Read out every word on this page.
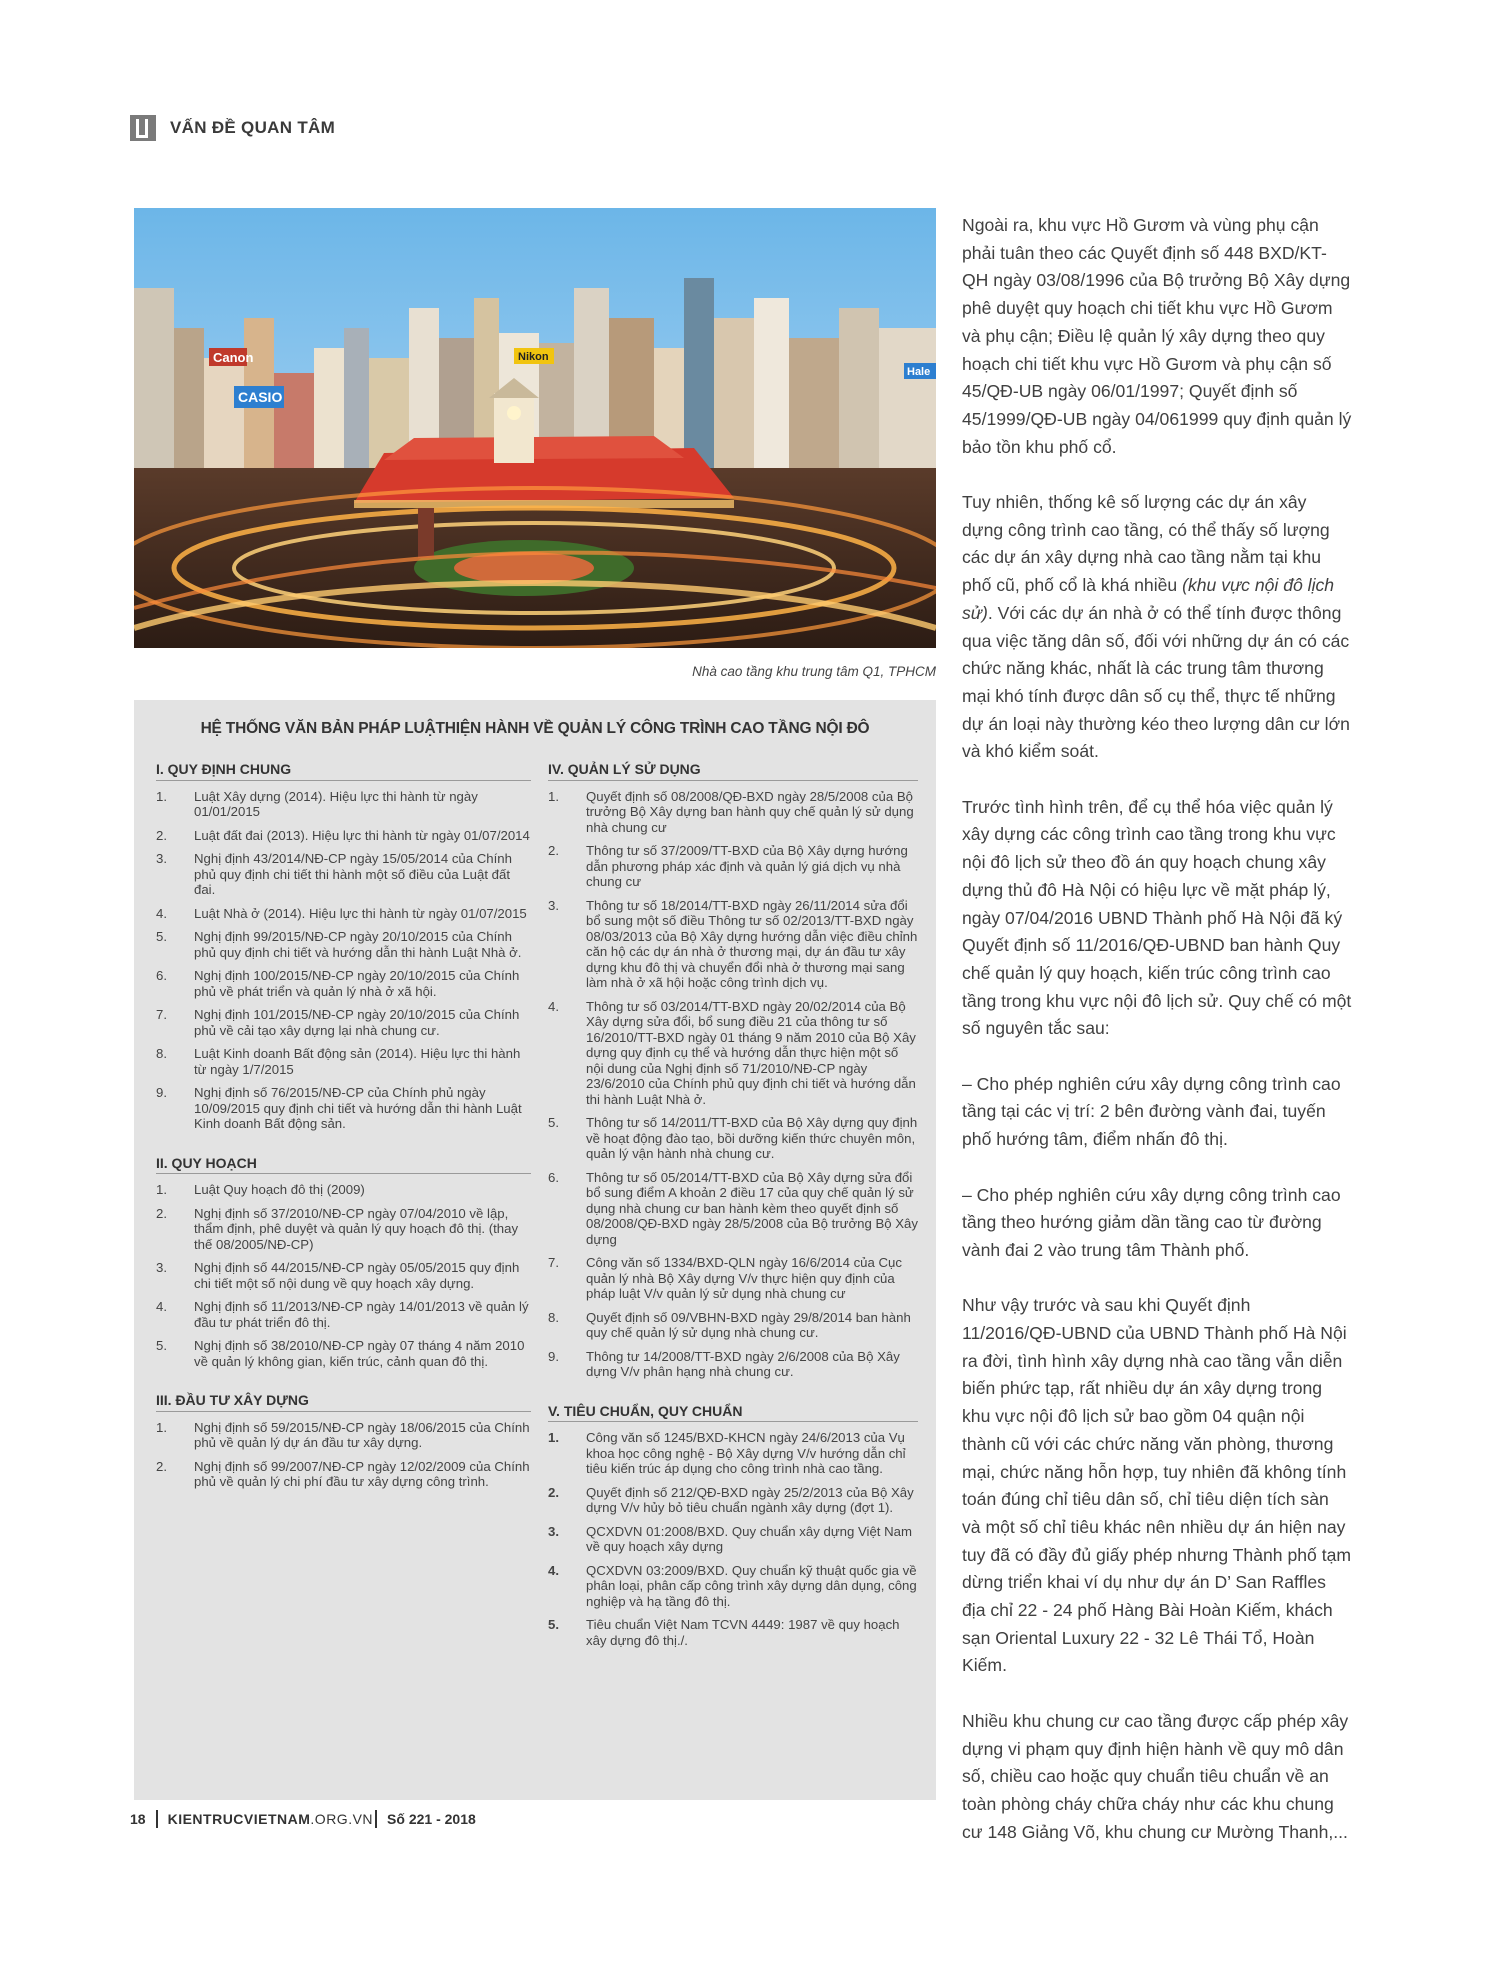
VẤN ĐỀ QUAN TÂM
Canon
CASIO
Nikon
Hale
Nhà cao tầng khu trung tâm Q1, TPHCM
HỆ THỐNG VĂN BẢN PHÁP LUẬTHIỆN HÀNH VỀ QUẢN LÝ CÔNG TRÌNH CAO TẦNG NỘI ĐÔ
I. QUY ĐỊNH CHUNG
1.	Luật Xây dựng (2014). Hiệu lực thi hành từ ngày 01/01/2015
2.	Luật đất đai (2013). Hiệu lực thi hành từ ngày 01/07/2014
3.	Nghị định 43/2014/NĐ-CP ngày 15/05/2014 của Chính phủ quy định chi tiết thi hành một số điều của Luật đất đai.
4.	Luật Nhà ở (2014). Hiệu lực thi hành từ ngày 01/07/2015
5.	Nghị định 99/2015/NĐ-CP ngày 20/10/2015 của Chính phủ quy định chi tiết và hướng dẫn thi hành Luật Nhà ở.
6.	Nghị định 100/2015/NĐ-CP ngày 20/10/2015 của Chính phủ về phát triển và quản lý nhà ở xã hội.
7.	Nghị định 101/2015/NĐ-CP ngày 20/10/2015 của Chính phủ về cải tạo xây dựng lại nhà chung cư.
8.	Luật Kinh doanh Bất động sản (2014). Hiệu lực thi hành từ ngày 1/7/2015
9.	Nghị định số 76/2015/NĐ-CP của Chính phủ ngày 10/09/2015 quy định chi tiết và hướng dẫn thi hành Luật Kinh doanh Bất động sản.
II. QUY HOẠCH
1.	Luật Quy hoạch đô thị (2009)
2.	Nghị định số 37/2010/NĐ-CP ngày 07/04/2010 về lập, thẩm định, phê duyệt và quản lý quy hoạch đô thị. (thay thế 08/2005/NĐ-CP)
3.	Nghị định số 44/2015/NĐ-CP ngày 05/05/2015 quy định chi tiết một số nội dung về quy hoạch xây dựng.
4.	Nghị định số 11/2013/NĐ-CP ngày 14/01/2013 về quản lý đầu tư phát triển đô thị.
5.	Nghị định số 38/2010/NĐ-CP ngày 07 tháng 4 năm 2010 về quản lý không gian, kiến trúc, cảnh quan đô thị.
III. ĐẦU TƯ XÂY DỰNG
1.	Nghị định số 59/2015/NĐ-CP ngày 18/06/2015 của Chính phủ về quản lý dự án đầu tư xây dựng.
2.	Nghị định số 99/2007/NĐ-CP ngày 12/02/2009 của Chính phủ về quản lý chi phí đầu tư xây dựng công trình.
IV. QUẢN LÝ SỬ DỤNG
1.	Quyết định số 08/2008/QĐ-BXD ngày 28/5/2008 của Bộ trưởng Bộ Xây dựng ban hành quy chế quản lý sử dụng nhà chung cư
2.	Thông tư số 37/2009/TT-BXD của Bộ Xây dựng hướng dẫn phương pháp xác định và quản lý giá dịch vụ nhà chung cư
3.	Thông tư số 18/2014/TT-BXD ngày 26/11/2014 sửa đổi bổ sung một số điều Thông tư số 02/2013/TT-BXD ngày 08/03/2013 của Bộ Xây dựng hướng dẫn việc điều chỉnh căn hộ các dự án nhà ở thương mại, dự án đầu tư xây dựng khu đô thị và chuyển đổi nhà ở thương mại sang làm nhà ở xã hội hoặc công trình dịch vụ.
4.	Thông tư số 03/2014/TT-BXD ngày 20/02/2014 của Bộ Xây dựng sửa đổi, bổ sung điều 21 của thông tư số 16/2010/TT-BXD ngày 01 tháng 9 năm 2010 của Bộ Xây dựng quy định cụ thể và hướng dẫn thực hiện một số nội dung của Nghị định số 71/2010/NĐ-CP ngày 23/6/2010 của Chính phủ quy định chi tiết và hướng dẫn thi hành Luật Nhà ở.
5.	Thông tư số 14/2011/TT-BXD của Bộ Xây dựng quy định về hoạt động đào tạo, bồi dưỡng kiến thức chuyên môn, quản lý vận hành nhà chung cư.
6.	Thông tư số 05/2014/TT-BXD của Bộ Xây dựng sửa đổi bổ sung điểm A khoản 2 điều 17 của quy chế quản lý sử dụng nhà chung cư ban hành kèm theo quyết định số 08/2008/QĐ-BXD ngày 28/5/2008 của Bộ trưởng Bộ Xây dựng
7.	Công văn số 1334/BXD-QLN ngày 16/6/2014 của Cục quản lý nhà Bộ Xây dựng V/v thực hiện quy định của pháp luật V/v quản lý sử dụng nhà chung cư
8.	Quyết định số 09/VBHN-BXD ngày 29/8/2014 ban hành quy chế quản lý sử dụng nhà chung cư.
9.	Thông tư 14/2008/TT-BXD ngày 2/6/2008 của Bộ Xây dựng V/v phân hạng nhà chung cư.
V. TIÊU CHUẨN, QUY CHUẨN
1.	Công văn số 1245/BXD-KHCN ngày 24/6/2013 của Vụ khoa học công nghệ - Bộ Xây dựng V/v hướng dẫn chỉ tiêu kiến trúc áp dụng cho công trình nhà cao tầng.
2.	Quyết định số 212/QĐ-BXD ngày 25/2/2013 của Bộ Xây dựng V/v hủy bỏ tiêu chuẩn ngành xây dựng (đợt 1).
3.	QCXDVN 01:2008/BXD. Quy chuẩn xây dựng Việt Nam về quy hoạch xây dựng
4.	QCXDVN 03:2009/BXD. Quy chuẩn kỹ thuật quốc gia về phân loại, phân cấp công trình xây dựng dân dụng, công nghiệp và hạ tầng đô thị.
5.	Tiêu chuẩn Việt Nam TCVN 4449: 1987 về quy hoạch xây dựng đô thị./.

Ngoài ra, khu vực Hồ Gươm và vùng phụ cận phải tuân theo các Quyết định số 448 BXD/KT-QH ngày 03/08/1996 của Bộ trưởng Bộ Xây dựng phê duyệt quy hoạch chi tiết khu vực Hồ Gươm và phụ cận; Điều lệ quản lý xây dựng theo quy hoạch chi tiết khu vực Hồ Gươm và phụ cận số 45/QĐ-UB ngày 06/01/1997; Quyết định số 45/1999/QĐ-UB ngày 04/061999 quy định quản lý bảo tồn khu phố cổ.

Tuy nhiên, thống kê số lượng các dự án xây dựng công trình cao tầng, có thể thấy số lượng các dự án xây dựng nhà cao tầng nằm tại khu phố cũ, phố cổ là khá nhiều (khu vực nội đô lịch sử). Với các dự án nhà ở có thể tính được thông qua việc tăng dân số, đối với những dự án có các chức năng khác, nhất là các trung tâm thương mại khó tính được dân số cụ thể, thực tế những dự án loại này thường kéo theo lượng dân cư lớn và khó kiểm soát.

Trước tình hình trên, để cụ thể hóa việc quản lý xây dựng các công trình cao tầng trong khu vực nội đô lịch sử theo đồ án quy hoạch chung xây dựng thủ đô Hà Nội có hiệu lực về mặt pháp lý, ngày 07/04/2016 UBND Thành phố Hà Nội đã ký Quyết định số 11/2016/QĐ-UBND ban hành Quy chế quản lý quy hoạch, kiến trúc công trình cao tầng trong khu vực nội đô lịch sử. Quy chế có một số nguyên tắc sau:

– Cho phép nghiên cứu xây dựng công trình cao tầng tại các vị trí: 2 bên đường vành đai, tuyến phố hướng tâm, điểm nhấn đô thị.

– Cho phép nghiên cứu xây dựng công trình cao tầng theo hướng giảm dần tầng cao từ đường vành đai 2 vào trung tâm Thành phố.

Như vậy trước và sau khi Quyết định 11/2016/QĐ-UBND của UBND Thành phố Hà Nội ra đời, tình hình xây dựng nhà cao tầng vẫn diễn biến phức tạp, rất nhiều dự án xây dựng trong khu vực nội đô lịch sử bao gồm 04 quận nội thành cũ với các chức năng văn phòng, thương mại, chức năng hỗn hợp, tuy nhiên đã không tính toán đúng chỉ tiêu dân số, chỉ tiêu diện tích sàn và một số chỉ tiêu khác nên nhiều dự án hiện nay tuy đã có đầy đủ giấy phép nhưng Thành phố tạm dừng triển khai ví dụ như dự án D’ San Raffles địa chỉ 22 - 24 phố Hàng Bài Hoàn Kiếm, khách sạn Oriental Luxury 22 - 32 Lê Thái Tổ, Hoàn Kiếm.

Nhiều khu chung cư cao tầng được cấp phép xây dựng vi phạm quy định hiện hành về quy mô dân số, chiều cao hoặc quy chuẩn tiêu chuẩn về an toàn phòng cháy chữa cháy như các khu chung cư 148 Giảng Võ, khu chung cư Mường Thanh,...

18 KIENTRUCVIETNAM.ORG.VN Số 221 - 2018
